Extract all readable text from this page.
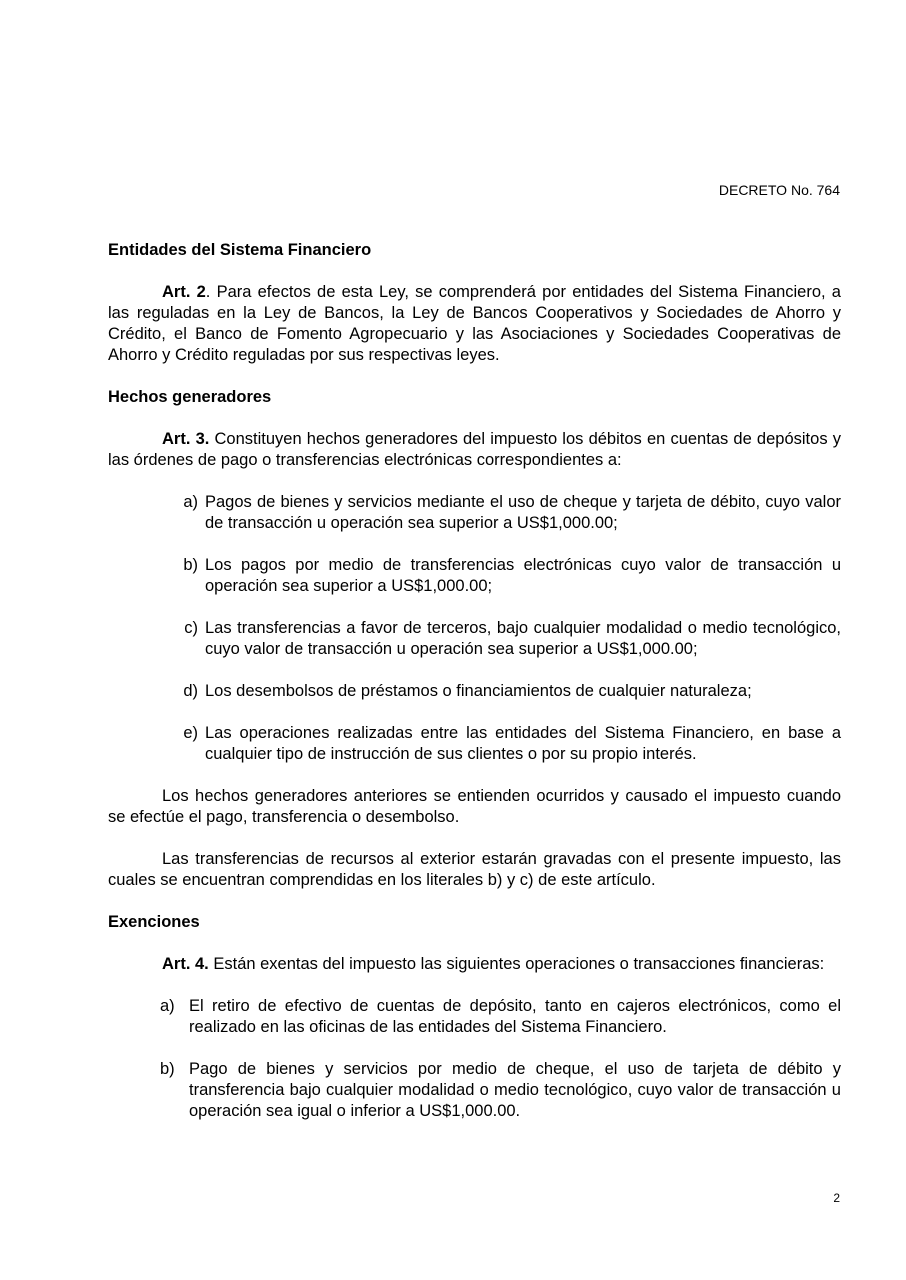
DECRETO No. 764
Entidades del Sistema Financiero

Art. 2. Para efectos de esta Ley, se comprenderá por entidades del Sistema Financiero, a las reguladas en la Ley de Bancos, la Ley de Bancos Cooperativos y Sociedades de Ahorro y Crédito, el Banco de Fomento Agropecuario y las Asociaciones y Sociedades Cooperativas de Ahorro y Crédito reguladas por sus respectivas leyes.

Hechos generadores

Art. 3. Constituyen hechos generadores del impuesto los débitos en cuentas de depósitos y las órdenes de pago o transferencias electrónicas correspondientes a:

a) Pagos de bienes y servicios mediante el uso de cheque y tarjeta de débito, cuyo valor de transacción u operación sea superior a US$1,000.00;
b) Los pagos por medio de transferencias electrónicas cuyo valor de transacción u operación sea superior a US$1,000.00;
c) Las transferencias a favor de terceros, bajo cualquier modalidad o medio tecnológico, cuyo valor de transacción u operación sea superior a US$1,000.00;
d) Los desembolsos de préstamos o financiamientos de cualquier naturaleza;
e) Las operaciones realizadas entre las entidades del Sistema Financiero, en base a cualquier tipo de instrucción de sus clientes o por su propio interés.

Los hechos generadores anteriores se entienden ocurridos y causado el impuesto cuando se efectúe el pago, transferencia o desembolso.

Las transferencias de recursos al exterior estarán gravadas con el presente impuesto, las cuales se encuentran comprendidas en los literales b) y c) de este artículo.

Exenciones

Art. 4. Están exentas del impuesto las siguientes operaciones o transacciones financieras:

a) El retiro de efectivo de cuentas de depósito, tanto en cajeros electrónicos, como el realizado en las oficinas de las entidades del Sistema Financiero.
b) Pago de bienes y servicios por medio de cheque, el uso de tarjeta de débito y transferencia bajo cualquier modalidad o medio tecnológico, cuyo valor de transacción u operación sea igual o inferior a US$1,000.00.
2
